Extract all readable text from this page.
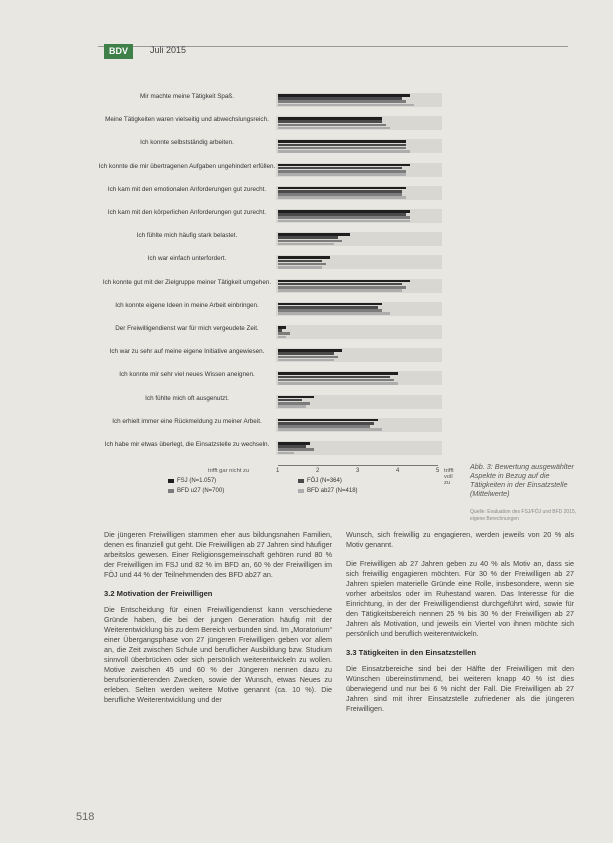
BDV	Juli 2015
Mir machte meine Tätigkeit Spaß.
Meine Tätigkeiten waren vielseitig und abwechslungsreich.
Ich konnte selbstständig arbeiten.
Ich konnte die mir übertragenen Aufgaben ungehindert erfüllen.
Ich kam mit den emotionalen Anforderungen gut zurecht.
Ich kam mit den körperlichen Anforderungen gut zurecht.
Ich fühlte mich häufig stark belastet.
Ich war einfach unterfordert.
Ich konnte gut mit der Zielgruppe meiner Tätigkeit umgehen.
Ich konnte eigene Ideen in meine Arbeit einbringen.
Der Freiwilligendienst war für mich vergeudete Zeit.
Ich war zu sehr auf meine eigene Initiative angewiesen.
Ich konnte mir sehr viel neues Wissen aneignen.
Ich fühlte mich oft ausgenutzt.
Ich erhielt immer eine Rückmeldung zu meiner Arbeit.
Ich habe mir etwas überlegt, die Einsatzstelle zu wechseln.
1	2	3	4	5
trifft gar nicht zu	trifft voll zu
FSJ (N=1.057)	FÖJ (N=364)
BFD u27 (N=700)	BFD ab27 (N=418)
Abb. 3: Bewertung ausgewählter Aspekte in Bezug auf die Tätigkeiten in der Einsatzstelle (Mittelwerte)
Quelle: Evaluation des FSJ/FÖJ und BFD 2015, eigene Berechnungen

Die jüngeren Freiwilligen stammen eher aus bildungsnahen Familien, denen es finanziell gut geht. Die Freiwilligen ab 27 Jahren sind häufiger arbeitslos gewesen. Einer Religionsgemeinschaft gehören rund 80 % der Freiwilligen im FSJ und 82 % im BFD an, 60 % der Freiwilligen im FÖJ und 44 % der Teilnehmenden des BFD ab27 an.

3.2 Motivation der Freiwilligen

Die Entscheidung für einen Freiwilligendienst kann verschiedene Gründe haben, die bei der jungen Generation häufig mit der Weiterentwicklung bis zu dem Bereich verbunden sind. Im „Moratorium“ einer Übergangsphase von 27 jüngeren Freiwilligen geben vor allem an, die Zeit zwischen Schule und beruflicher Ausbildung bzw. Studium sinnvoll überbrücken oder sich persönlich weiterentwickeln zu wollen. Motive zwischen 45 und 60 % der Jüngeren nennen dazu zu berufsorientierenden Zwecken, sowie der Wunsch, etwas Neues zu erleben. Selten werden weitere Motive genannt (ca. 10 %). Die berufliche Weiterentwicklung und der

Wunsch, sich freiwillig zu engagieren, werden jeweils von 20 % als Motiv genannt.

Die Freiwilligen ab 27 Jahren geben zu 40 % als Motiv an, dass sie sich freiwillig engagieren möchten. Für 30 % der Freiwilligen ab 27 Jahren spielen materielle Gründe eine Rolle, insbesondere, wenn sie vorher arbeitslos oder im Ruhestand waren. Das Interesse für die Einrichtung, in der der Freiwilligendienst durchgeführt wird, sowie für den Tätigkeitsbereich nennen 25 % bis 30 % der Freiwilligen ab 27 Jahren als Motivation, und jeweils ein Viertel von ihnen möchte sich persönlich und beruflich weiterentwickeln.

3.3 Tätigkeiten in den Einsatzstellen

Die Einsatzbereiche sind bei der Hälfte der Freiwilligen mit den Wünschen übereinstimmend, bei weiteren knapp 40 % ist dies überwiegend und nur bei 6 % nicht der Fall. Die Freiwilligen ab 27 Jahren sind mit ihrer Einsatzstelle zufriedener als die jüngeren Freiwilligen.

518
